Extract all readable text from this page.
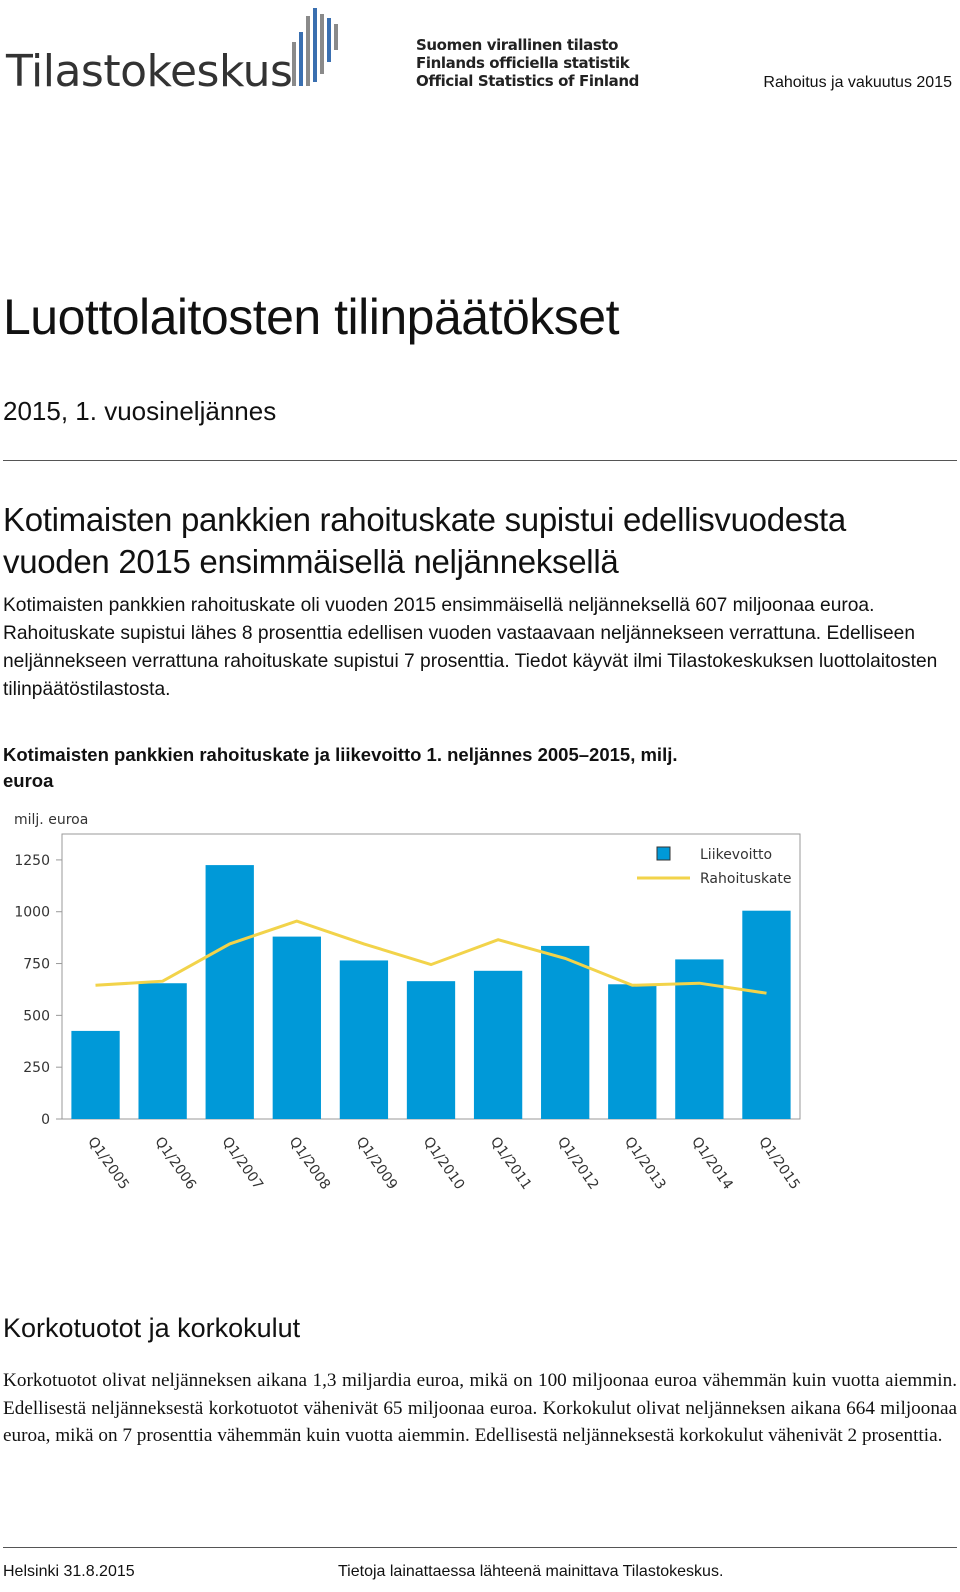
Tilastokeskus
Suomen virallinen tilasto
Finlands officiella statistik
Official Statistics of Finland	Rahoitus ja vakuutus 2015
Luottolaitosten tilinpäätökset
2015, 1. vuosineljännes
Kotimaisten pankkien rahoituskate supistui edellisvuodesta vuoden 2015 ensimmäisellä neljänneksellä
Kotimaisten pankkien rahoituskate oli vuoden 2015 ensimmäisellä neljänneksellä 607 miljoonaa euroa. Rahoituskate supistui lähes 8 prosenttia edellisen vuoden vastaavaan neljännekseen verrattuna. Edelliseen neljännekseen verrattuna rahoituskate supistui 7 prosenttia. Tiedot käyvät ilmi Tilastokeskuksen luottolaitosten tilinpäätöstilastosta.
Kotimaisten pankkien rahoituskate ja liikevoitto 1. neljännes 2005–2015, milj. euroa
milj. euroa
0
250
500
750
1000
1250
Q1/2005 Q1/2006 Q1/2007 Q1/2008 Q1/2009 Q1/2010 Q1/2011 Q1/2012 Q1/2013 Q1/2014 Q1/2015
Liikevoitto
Rahoituskate
Korkotuotot ja korkokulut
Korkotuotot olivat neljänneksen aikana 1,3 miljardia euroa, mikä on 100 miljoonaa euroa vähemmän kuin vuotta aiemmin. Edellisestä neljänneksestä korkotuotot vähenivät 65 miljoonaa euroa. Korkokulut olivat neljänneksen aikana 664 miljoonaa euroa, mikä on 7 prosenttia vähemmän kuin vuotta aiemmin. Edellisestä neljänneksestä korkokulut vähenivät 2 prosenttia.
Helsinki 31.8.2015	Tietoja lainattaessa lähteenä mainittava Tilastokeskus.
